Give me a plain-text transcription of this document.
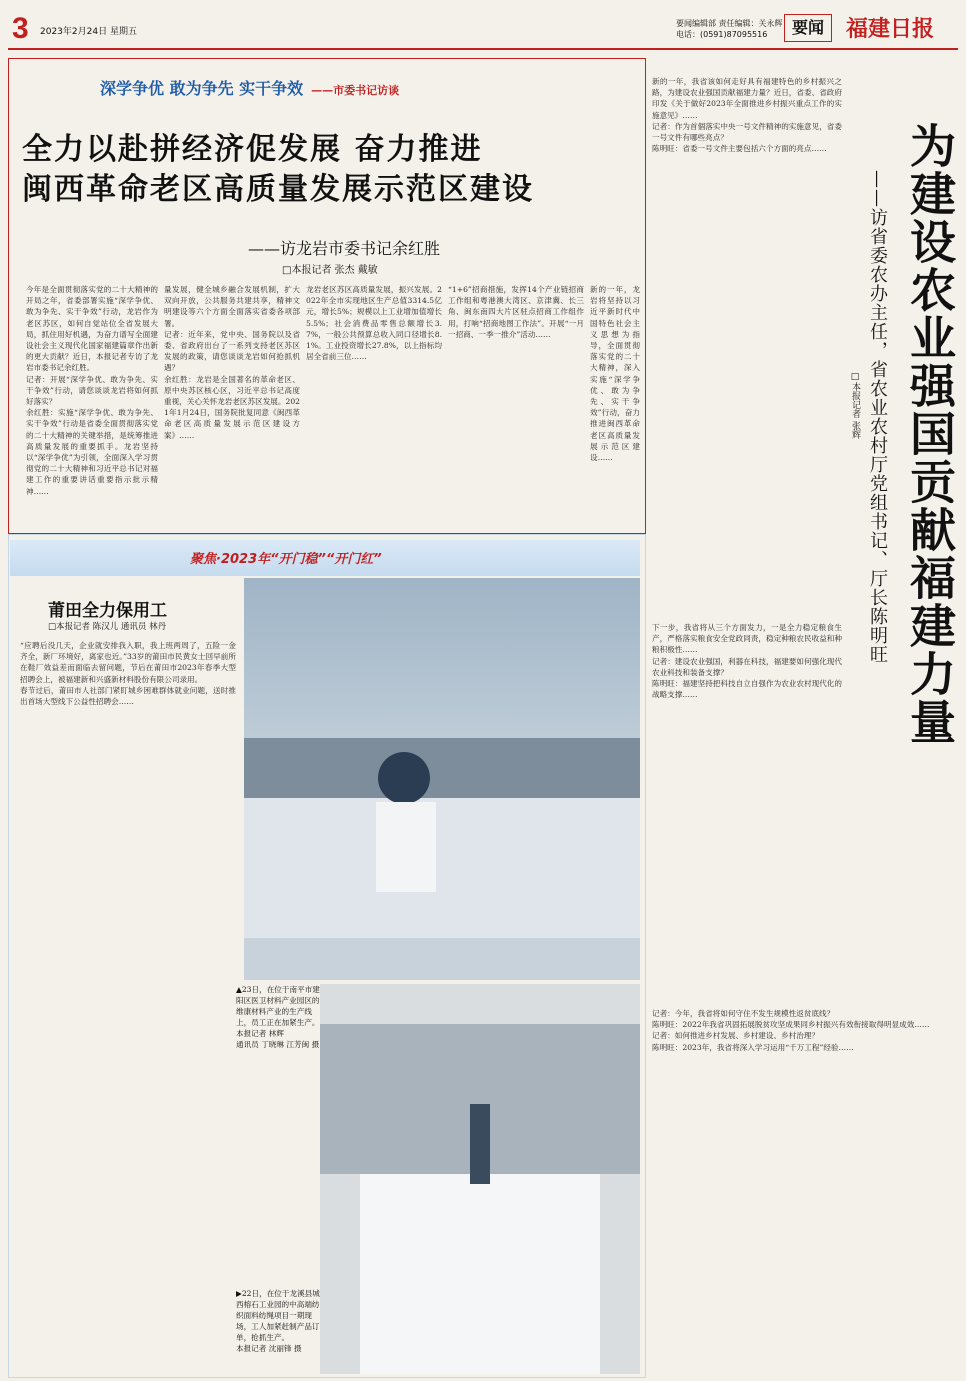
3 2023年2月24日 星期五
要闻编辑部 责任编辑：关永辉
电话：(0591)87095516	要闻	福建日报
深学争优 敢为争先 实干争效 ——市委书记访谈
全力以赴拼经济促发展 奋力推进
闽西革命老区高质量发展示范区建设
——访龙岩市委书记余红胜
□本报记者 张杰 戴敏
今年是全面贯彻落实党的二十大精神的开局之年，省委部署实施“深学争优、敢为争先、实干争效”行动，龙岩作为老区苏区，如何自觉站位全省发展大局，抓住用好机遇，为奋力谱写全面建设社会主义现代化国家福建篇章作出新的更大贡献？近日，本报记者专访了龙岩市委书记余红胜。
记者：开展“深学争优、敢为争先、实干争效”行动，请您谈谈龙岩将如何抓好落实？
余红胜：实施“深学争优、敢为争先、实干争效”行动是省委全面贯彻落实党的二十大精神的关键举措，是统筹推进高质量发展的重要抓手。龙岩坚持以“深学争优”为引领，全面深入学习贯彻党的二十大精神和习近平总书记对福建工作的重要讲话重要指示批示精神……
量发展，健全城乡融合发展机制，扩大双向开放，公共服务共建共享，精神文明建设等六个方面全面落实省委各项部署。
记者：近年来，党中央、国务院以及省委、省政府出台了一系列支持老区苏区发展的政策，请您谈谈龙岩如何抢抓机遇？
余红胜：龙岩是全国著名的革命老区、原中央苏区核心区，习近平总书记高度重视，关心关怀龙岩老区苏区发展。2021年1月24日，国务院批复同意《闽西革命老区高质量发展示范区建设方案》……
龙岩老区苏区高质量发展，振兴发展。2022年全市实现地区生产总值3314.5亿元，增长5%；规模以上工业增加值增长5.5%；社会消费品零售总额增长3.7%，一般公共预算总收入同口径增长8.1%。工业投资增长27.8%，以上指标均居全省前三位……
“1+6”招商措施，发挥14个产业链招商工作组和粤港澳大湾区、京津冀、长三角、闽东南四大片区驻点招商工作组作用，打响“招商地图工作法”。开展“一月一招商、一季一推介”活动……
新的一年，龙岩将坚持以习近平新时代中国特色社会主义思想为指导，全面贯彻落实党的二十大精神，深入实施“深学争优、敢为争先、实干争效”行动，奋力推进闽西革命老区高质量发展示范区建设……	为建设农业强国贡献福建力量
——访省委农办主任，省农业农村厅党组书记、厅长陈明旺
□本报记者 张辉
新的一年，我省该如何走好具有福建特色的乡村振兴之路，为建设农业强国贡献福建力量？近日，省委、省政府印发《关于做好2023年全面推进乡村振兴重点工作的实施意见》……
记者：作为首個落实中央一号文件精神的实施意见，省委一号文件有哪些亮点？
陈明旺：省委一号文件主要包括六个方面的亮点……
下一步，我省将从三个方面发力，一是全力稳定粮食生产，严格落实粮食安全党政同责，稳定种粮农民收益和种粮积极性……
记者：建设农业强国，利器在科技，福建要如何强化现代农业科技和装备支撑？
陈明旺：福建坚持把科技自立自强作为农业农村现代化的战略支撑……
记者：今年，我省将如何守住不发生规模性返贫底线？
陈明旺：2022年我省巩固拓展脱贫攻坚成果同乡村振兴有效衔接取得明显成效……
记者：如何推进乡村发展、乡村建设、乡村治理？
陈明旺：2023年，我省将深入学习运用“千万工程”经验……
聚焦·2023年“开门稳”“开门红”
莆田全力保用工
□本报记者 陈汉儿 通讯员 林丹
“应聘后没几天，企业就安排我入职，我上班两周了，五险一金齐全，新厂环境好，离家也近。”33岁的莆田市民黄女士回早前所在鞋厂效益差而面临去留问题，节后在莆田市2023年春季大型招聘会上，被福建新和兴盛新材料股份有限公司录用。
春节过后，莆田市人社部门紧盯城乡困难群体就业问题，送时推出首场大型线下公益性招聘会……
▲23日，在位于南平市建阳区医卫材料产业园区的维康材料产业的生产线上，员工正在加紧生产。
本报记者 林辉
通讯员 丁晓琳 江芳闽 摄
▶22日，在位于龙溪县城西榕石工业园的中高端纺织面料纺绳项目一期现场，工人加紧赶制产品订单，抢抓生产。
本报记者 沈丽锋 摄
